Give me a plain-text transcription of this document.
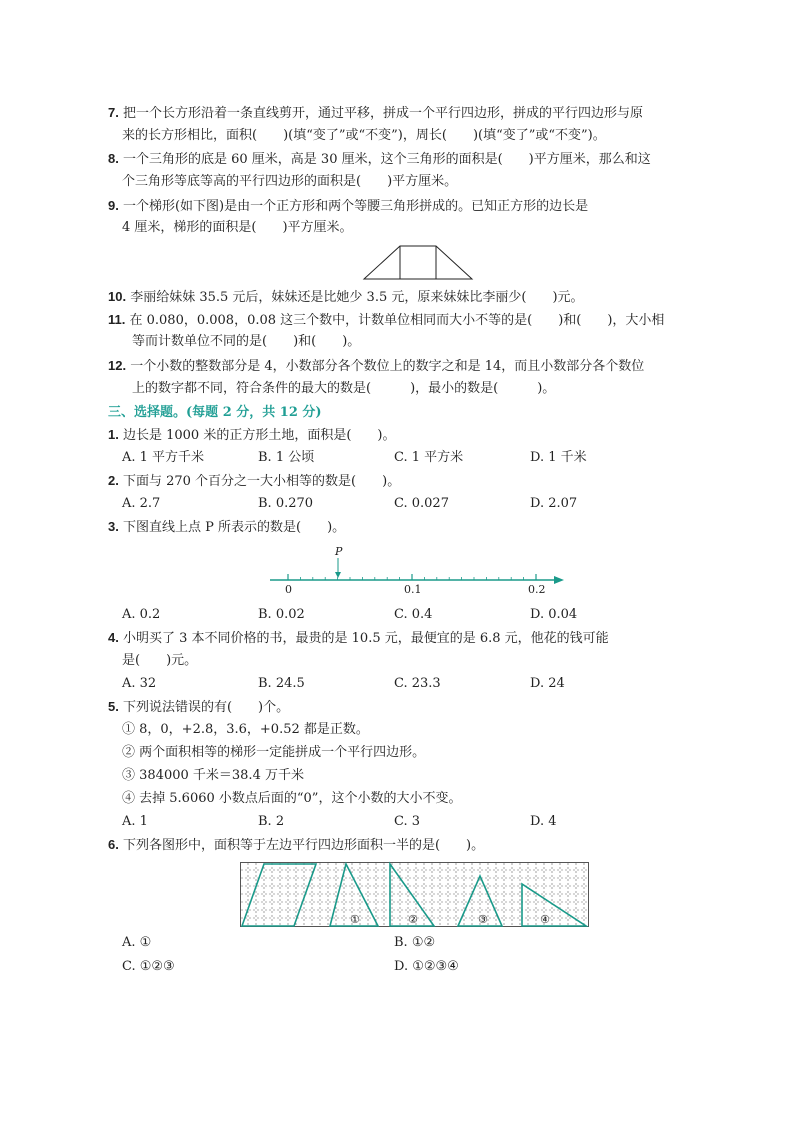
7. 把一个长方形沿着一条直线剪开，通过平移，拼成一个平行四边形，拼成的平行四边形与原
来的长方形相比，面积(　　)(填“变了”或“不变”)，周长(　　)(填“变了”或“不变”)。
8. 一个三角形的底是 60 厘米，高是 30 厘米，这个三角形的面积是(　　)平方厘米，那么和这
个三角形等底等高的平行四边形的面积是(　　)平方厘米。
9. 一个梯形(如下图)是由一个正方形和两个等腰三角形拼成的。已知正方形的边长是
4 厘米，梯形的面积是(　　)平方厘米。
10. 李丽给妹妹 35.5 元后，妹妹还是比她少 3.5 元，原来妹妹比李丽少(　　)元。
11. 在 0.080，0.008，0.08 这三个数中，计数单位相同而大小不等的是(　　)和(　　)，大小相
等而计数单位不同的是(　　)和(　　)。
12. 一个小数的整数部分是 4，小数部分各个数位上的数字之和是 14，而且小数部分各个数位
上的数字都不同，符合条件的最大的数是(　　　)，最小的数是(　　　)。
三、选择题。(每题 2 分，共 12 分)
1. 边长是 1000 米的正方形土地，面积是(　　)。
A. 1 平方千米	B. 1 公顷	C. 1 平方米	D. 1 千米
2. 下面与 270 个百分之一大小相等的数是(　　)。
A. 2.7	B. 0.270	C. 0.027	D. 2.07
3. 下图直线上点 P 所表示的数是(　　)。
P
0	0.1	0.2
A. 0.2	B. 0.02	C. 0.4	D. 0.04
4. 小明买了 3 本不同价格的书，最贵的是 10.5 元，最便宜的是 6.8 元，他花的钱可能
是(　　)元。
A. 32	B. 24.5	C. 23.3	D. 24
5. 下列说法错误的有(　　)个。
① 8，0，+2.8，3.6，+0.52 都是正数。
② 两个面积相等的梯形一定能拼成一个平行四边形。
③ 384000 千米＝38.4 万千米
④ 去掉 5.6060 小数点后面的“0”，这个小数的大小不变。
A. 1	B. 2	C. 3	D. 4
6. 下列各图形中，面积等于左边平行四边形面积一半的是(　　)。
①	②	③	④
A. ①	B. ①②
C. ①②③	D. ①②③④
